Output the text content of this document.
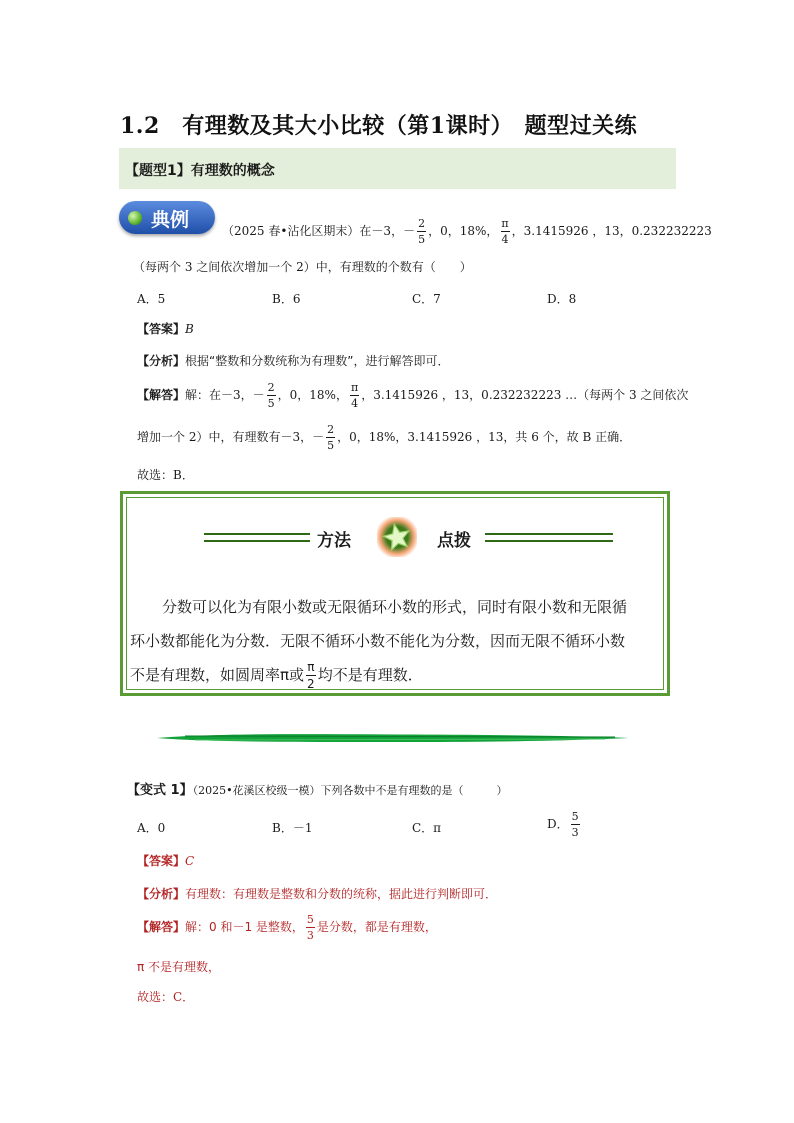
1.2　有理数及其大小比较（第1课时）　题型过关练
【题型1】有理数的概念
典例	（2025 春•沾化区期末）在－3，－ $\frac{2}{5}$ ，0，18%， $\frac{\pi}{4}$ ，3.1415926 ，13，0.232232223
（每两个 3 之间依次增加一个 2）中，有理数的个数有（　　）
A．5	B．6	C．7	D．8
【答案】B
【分析】根据“整数和分数统称为有理数”，进行解答即可．
【解答】解：在－3，－ $\frac{2}{5}$ ，0，18%， $\frac{\pi}{4}$ ，3.1415926 ，13，0.232232223 …（每两个 3 之间依次
增加一个 2）中，有理数有－3，－ $\frac{2}{5}$ ，0，18%，3.1415926 ，13，共 6 个，故 B 正确．
故选：B．
方法	点拨
分数可以化为有限小数或无限循环小数的形式，同时有限小数和无限循
环小数都能化为分数．无限不循环小数不能化为分数，因而无限不循环小数
不是有理数，如圆周率π或 $\frac{\pi}{2}$ 均不是有理数．
【变式 1】（2025•花溪区校级一模）下列各数中不是有理数的是（　　　）
A．0	B．－1	C．π	D． $\frac{5}{3}$
【答案】C
【分析】有理数：有理数是整数和分数的统称，据此进行判断即可．
【解答】解：0 和－1 是整数， $\frac{5}{3}$ 是分数，都是有理数，
π 不是有理数，
故选：C．
